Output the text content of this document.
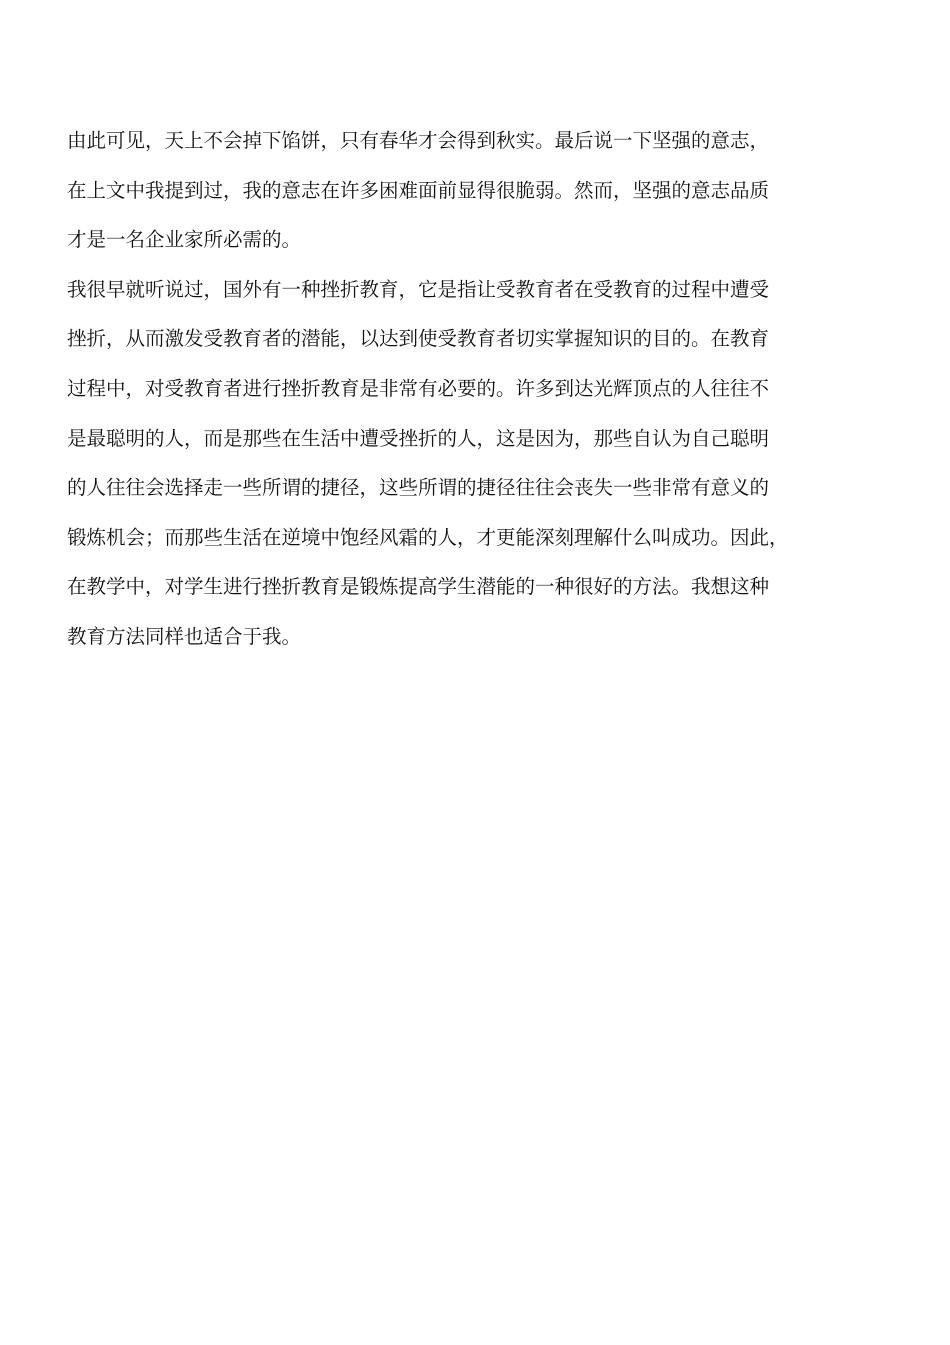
由此可见，天上不会掉下馅饼，只有春华才会得到秋实。最后说一下坚强的意志，
在上文中我提到过，我的意志在许多困难面前显得很脆弱。然而，坚强的意志品质
才是一名企业家所必需的。
我很早就听说过，国外有一种挫折教育，它是指让受教育者在受教育的过程中遭受
挫折，从而激发受教育者的潜能，以达到使受教育者切实掌握知识的目的。在教育
过程中，对受教育者进行挫折教育是非常有必要的。许多到达光辉顶点的人往往不
是最聪明的人，而是那些在生活中遭受挫折的人，这是因为，那些自认为自己聪明
的人往往会选择走一些所谓的捷径，这些所谓的捷径往往会丧失一些非常有意义的
锻炼机会；而那些生活在逆境中饱经风霜的人，才更能深刻理解什么叫成功。因此，
在教学中，对学生进行挫折教育是锻炼提高学生潜能的一种很好的方法。我想这种
教育方法同样也适合于我。
